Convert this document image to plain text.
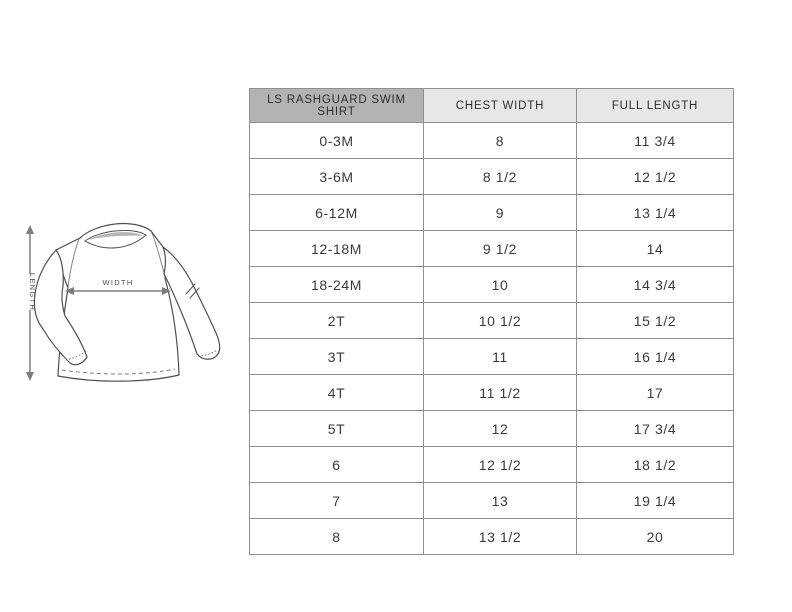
LENGTH	WIDTH
LS RASHGUARD SWIM SHIRT	CHEST WIDTH	FULL LENGTH
0-3M	8	11 3/4
3-6M	8 1/2	12 1/2
6-12M	9	13 1/4
12-18M	9 1/2	14
18-24M	10	14 3/4
2T	10 1/2	15 1/2
3T	11	16 1/4
4T	11 1/2	17
5T	12	17 3/4
6	12 1/2	18 1/2
7	13	19 1/4
8	13 1/2	20
